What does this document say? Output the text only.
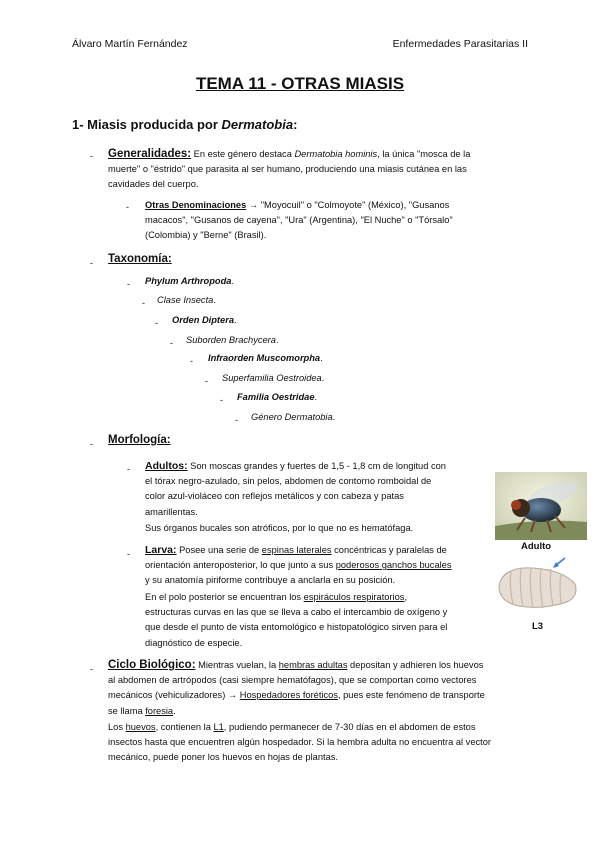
Álvaro Martín Fernández	Enfermedades Parasitarias II
TEMA 11 - OTRAS MIASIS
1- Miasis producida por Dermatobia:
- Generalidades: En este género destaca Dermatobia hominis, la única "mosca de la
muerte" o "éstrido" que parasita al ser humano, produciendo una miasis cutánea en las
cavidades del cuerpo.
- Otras Denominaciones → "Moyocuil" o "Colmoyote" (México), "Gusanos
macacos", "Gusanos de cayena", "Ura" (Argentina), "El Nuche" o "Tórsalo"
(Colombia) y "Berne" (Brasil).
- Taxonomía:
- Phylum Arthropoda.
- Clase Insecta.
- Orden Diptera.
- Suborden Brachycera.
- Infraorden Muscomorpha.
- Superfamilia Oestroidea.
- Familia Oestridae.
- Género Dermatobia.
- Morfología:
- Adultos: Son moscas grandes y fuertes de 1,5 - 1,8 cm de longitud con
el tórax negro-azulado, sin pelos, abdomen de contorno romboidal de
color azul-violáceo con reflejos metálicos y con cabeza y patas
amarillentas.
Sus órganos bucales son atróficos, por lo que no es hematófaga.
Adulto
- Larva: Posee una serie de espinas laterales concéntricas y paralelas de
orientación anteroposterior, lo que junto a sus poderosos ganchos bucales
y su anatomía piriforme contribuye a anclarla en su posición.
En el polo posterior se encuentran los espiráculos respiratorios,
estructuras curvas en las que se lleva a cabo el intercambio de oxígeno y
que desde el punto de vista entomológico e histopatológico sirven para el
diagnóstico de especie.
L3
- Ciclo Biológico: Mientras vuelan, la hembras adultas depositan y adhieren los huevos
al abdomen de artrópodos (casi siempre hematófagos), que se comportan como vectores
mecánicos (vehiculizadores) → Hospedadores foréticos, pues este fenómeno de transporte
se llama foresia.
Los huevos, contienen la L1, pudiendo permanecer de 7-30 días en el abdomen de estos
insectos hasta que encuentren algún hospedador. Si la hembra adulta no encuentra al vector
mecánico, puede poner los huevos en hojas de plantas.
